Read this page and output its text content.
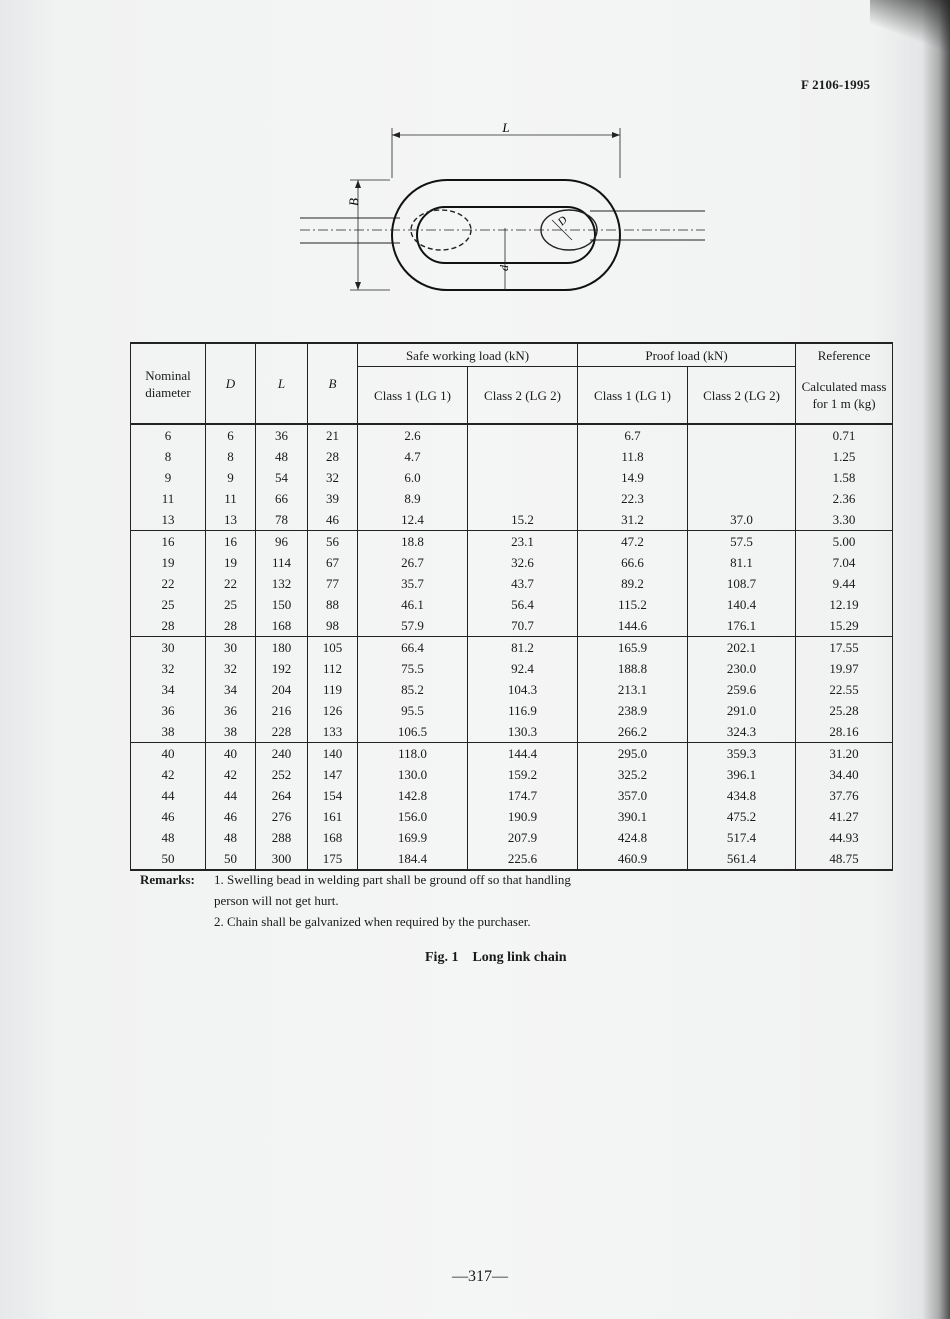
F 2106-1995
L
B
d
D
Nominal
diameter	D	L	B	Safe working load (kN)		Proof load (kN)		Reference
				Class 1 (LG 1)	Class 2 (LG 2)	Class 1 (LG 1)	Class 2 (LG 2)	Calculated mass for 1 m (kg)
6	6	36	21	2.6		6.7		0.71
8	8	48	28	4.7		11.8		1.25
9	9	54	32	6.0		14.9		1.58
11	11	66	39	8.9		22.3		2.36
13	13	78	46	12.4	15.2	31.2	37.0	3.30
16	16	96	56	18.8	23.1	47.2	57.5	5.00
19	19	114	67	26.7	32.6	66.6	81.1	7.04
22	22	132	77	35.7	43.7	89.2	108.7	9.44
25	25	150	88	46.1	56.4	115.2	140.4	12.19
28	28	168	98	57.9	70.7	144.6	176.1	15.29
30	30	180	105	66.4	81.2	165.9	202.1	17.55
32	32	192	112	75.5	92.4	188.8	230.0	19.97
34	34	204	119	85.2	104.3	213.1	259.6	22.55
36	36	216	126	95.5	116.9	238.9	291.0	25.28
38	38	228	133	106.5	130.3	266.2	324.3	28.16
40	40	240	140	118.0	144.4	295.0	359.3	31.20
42	42	252	147	130.0	159.2	325.2	396.1	34.40
44	44	264	154	142.8	174.7	357.0	434.8	37.76
46	46	276	161	156.0	190.9	390.1	475.2	41.27
48	48	288	168	169.9	207.9	424.8	517.4	44.93
50	50	300	175	184.4	225.6	460.9	561.4	48.75
Remarks: 1. Swelling bead in welding part shall be ground off so that handling person will not get hurt.
2. Chain shall be galvanized when required by the purchaser.
Fig. 1    Long link chain
—317—
